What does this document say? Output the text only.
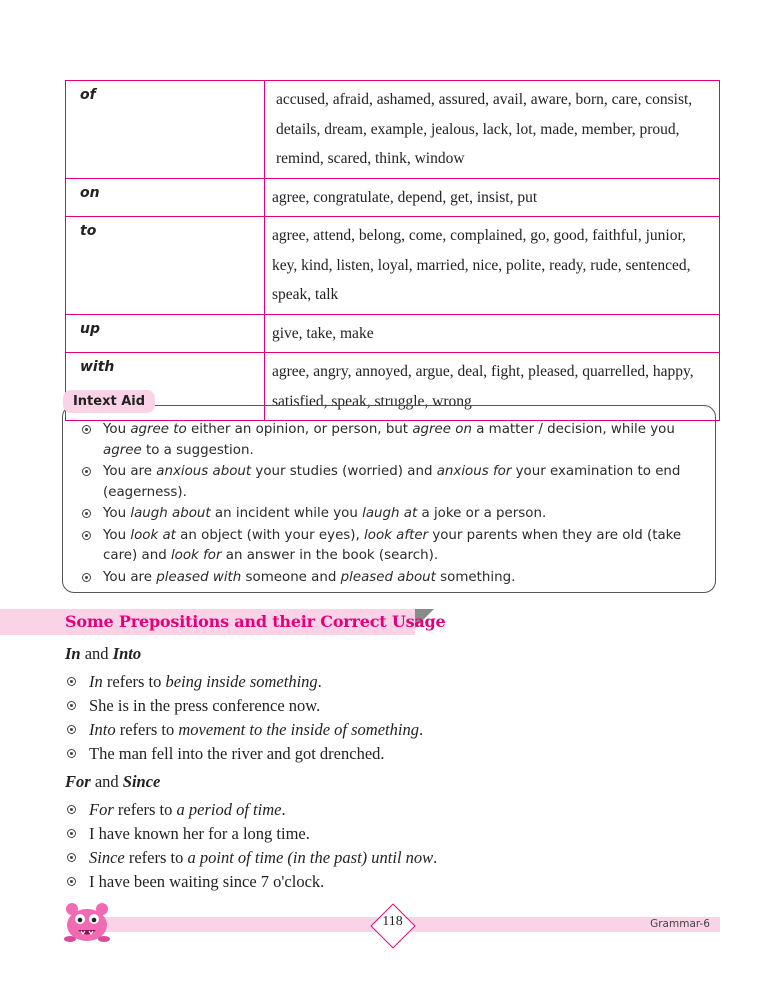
of	accused, afraid, ashamed, assured, avail, aware, born, care, consist, details, dream, example, jealous, lack, lot, made, member, proud, remind, scared, think, window
on	agree, congratulate, depend, get, insist, put
to	agree, attend, belong, come, complained, go, good, faithful, junior, key, kind, listen, loyal, married, nice, polite, ready, rude, sentenced, speak, talk
up	give, take, make
with	agree, angry, annoyed, argue, deal, fight, pleased, quarrelled, happy, satisfied, speak, struggle, wrong
Intext Aid
You agree to either an opinion, or person, but agree on a matter / decision, while you agree to a suggestion.
You are anxious about your studies (worried) and anxious for your examination to end (eagerness).
You laugh about an incident while you laugh at a joke or a person.
You look at an object (with your eyes), look after your parents when they are old (take care) and look for an answer in the book (search).
You are pleased with someone and pleased about something.
Some Prepositions and their Correct Usage
In and Into
In refers to being inside something.
She is in the press conference now.
Into refers to movement to the inside of something.
The man fell into the river and got drenched.
For and Since
For refers to a period of time.
I have known her for a long time.
Since refers to a point of time (in the past) until now.
I have been waiting since 7 o'clock.
118	Grammar-6
